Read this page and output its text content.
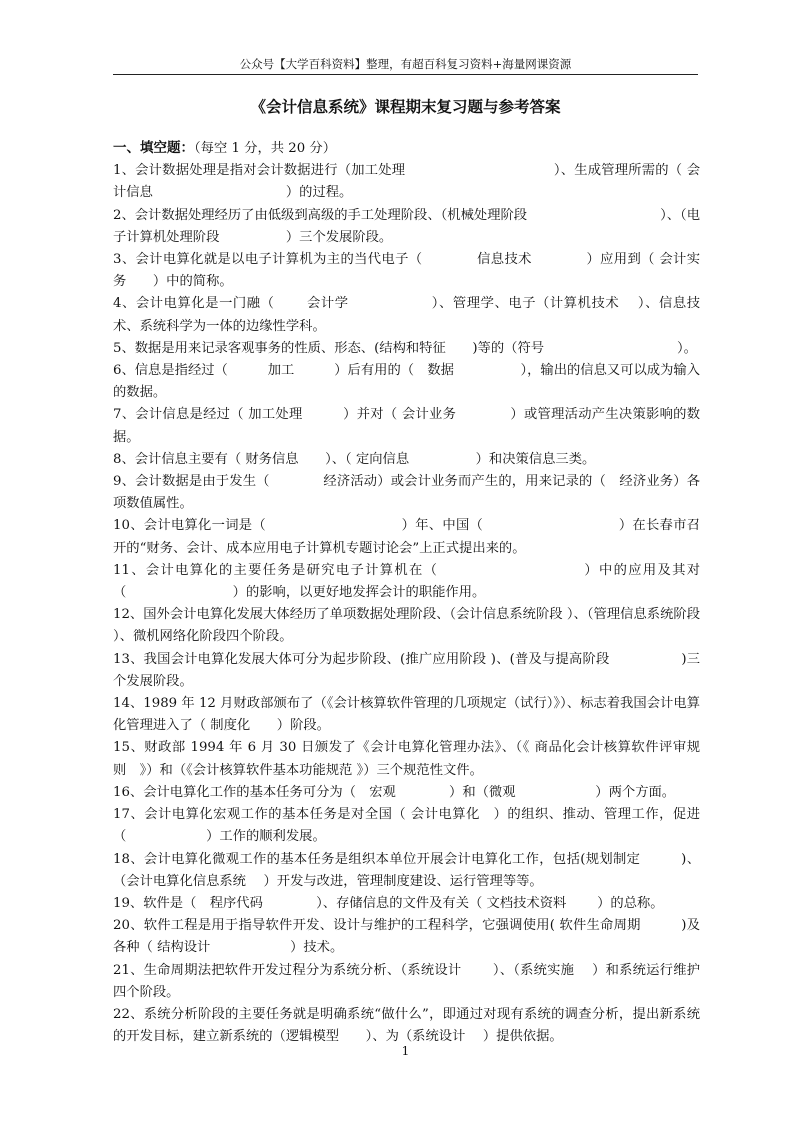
公众号【大学百科资料】整理，有超百科复习资料+海量网课资源
《会计信息系统》课程期末复习题与参考答案

一、填空题：（每空 1 分，共 20 分）

1、会计数据处理是指对会计数据进行（加工处理　　　　　　　　　　　）、生成管理所需的（ 会计信息　　　　　　　　　　）的过程。

2、会计数据处理经历了由低级到高级的手工处理阶段、（机械处理阶段　　　　　　　　　　）、（电子计算机处理阶段　　　　　）三个发展阶段。

3、会计电算化就是以电子计算机为主的当代电子（　　　　信息技术　　　　）应用到（ 会计实务　　）中的简称。

4、会计电算化是一门融（　　 会计学　　　　　　）、管理学、电子（计算机技术　 ）、信息技术、系统科学为一体的边缘性学科。

5、数据是用来记录客观事务的性质、形态、(结构和特征　　)等的（符号　　　　　　　　　　）。

6、信息是指经过（　　　加工　　　）后有用的（　数据　　　　　），输出的信息又可以成为输入的数据。

7、会计信息是经过（ 加工处理　　　）并对（ 会计业务　　　　）或管理活动产生决策影响的数据。

8、会计信息主要有（ 财务信息　　）、（ 定向信息　　　　　）和决策信息三类。

9、会计数据是由于发生（　　　　经济活动）或会计业务而产生的，用来记录的（　经济业务）各项数值属性。

10、会计电算化一词是（　　　　　　　　　　）年、中国（　　　　　　　　　　）在长春市召开的“财务、会计、成本应用电子计算机专题讨论会”上正式提出来的。

11、会计电算化的主要任务是研究电子计算机在（　　　　　　　　　　）中的应用及其对（　　　　　　　　）的影响，以更好地发挥会计的职能作用。

12、国外会计电算化发展大体经历了单项数据处理阶段、（会计信息系统阶段 ）、（管理信息系统阶段　 ）、微机网络化阶段四个阶段。

13、我国会计电算化发展大体可分为起步阶段、(推广应用阶段 )、(普及与提高阶段　　　　　 )三个发展阶段。

14、1989 年 12 月财政部颁布了（《会计核算软件管理的几项规定（试行）》）、标志着我国会计电算化管理进入了（ 制度化　　）阶段。

15、财政部 1994 年 6 月 30 日颁发了《会计电算化管理办法》、（《 商品化会计核算软件评审规则　》）和（《会计核算软件基本功能规范 》）三个规范性文件。

16、会计电算化工作的基本任务可分为（　宏观　　　　）和（微观　　　　　　）两个方面。

17、会计电算化宏观工作的基本任务是对全国（ 会计电算化　）的组织、推动、管理工作，促进（　　　　　　）工作的顺利发展。

18、会计电算化微观工作的基本任务是组织本单位开展会计电算化工作，包括(规划制定　　　)、（会计电算化信息系统　 ）开发与改进，管理制度建设、运行管理等等。

19、软件是（　程序代码　　　　）、存储信息的文件及有关（ 文档技术资料　　 ）的总称。

20、软件工程是用于指导软件开发、设计与维护的工程科学，它强调使用( 软件生命周期　　　)及各种（ 结构设计　　　　　　）技术。

21、生命周期法把软件开发过程分为系统分析、（系统设计　　 ）、（系统实施　 ）和系统运行维护四个阶段。

22、系统分析阶段的主要任务就是明确系统“做什么”，即通过对现有系统的调查分析，提出新系统的开发目标，建立新系统的（逻辑模型　　）、为（系统设计　 ）提供依据。

1
